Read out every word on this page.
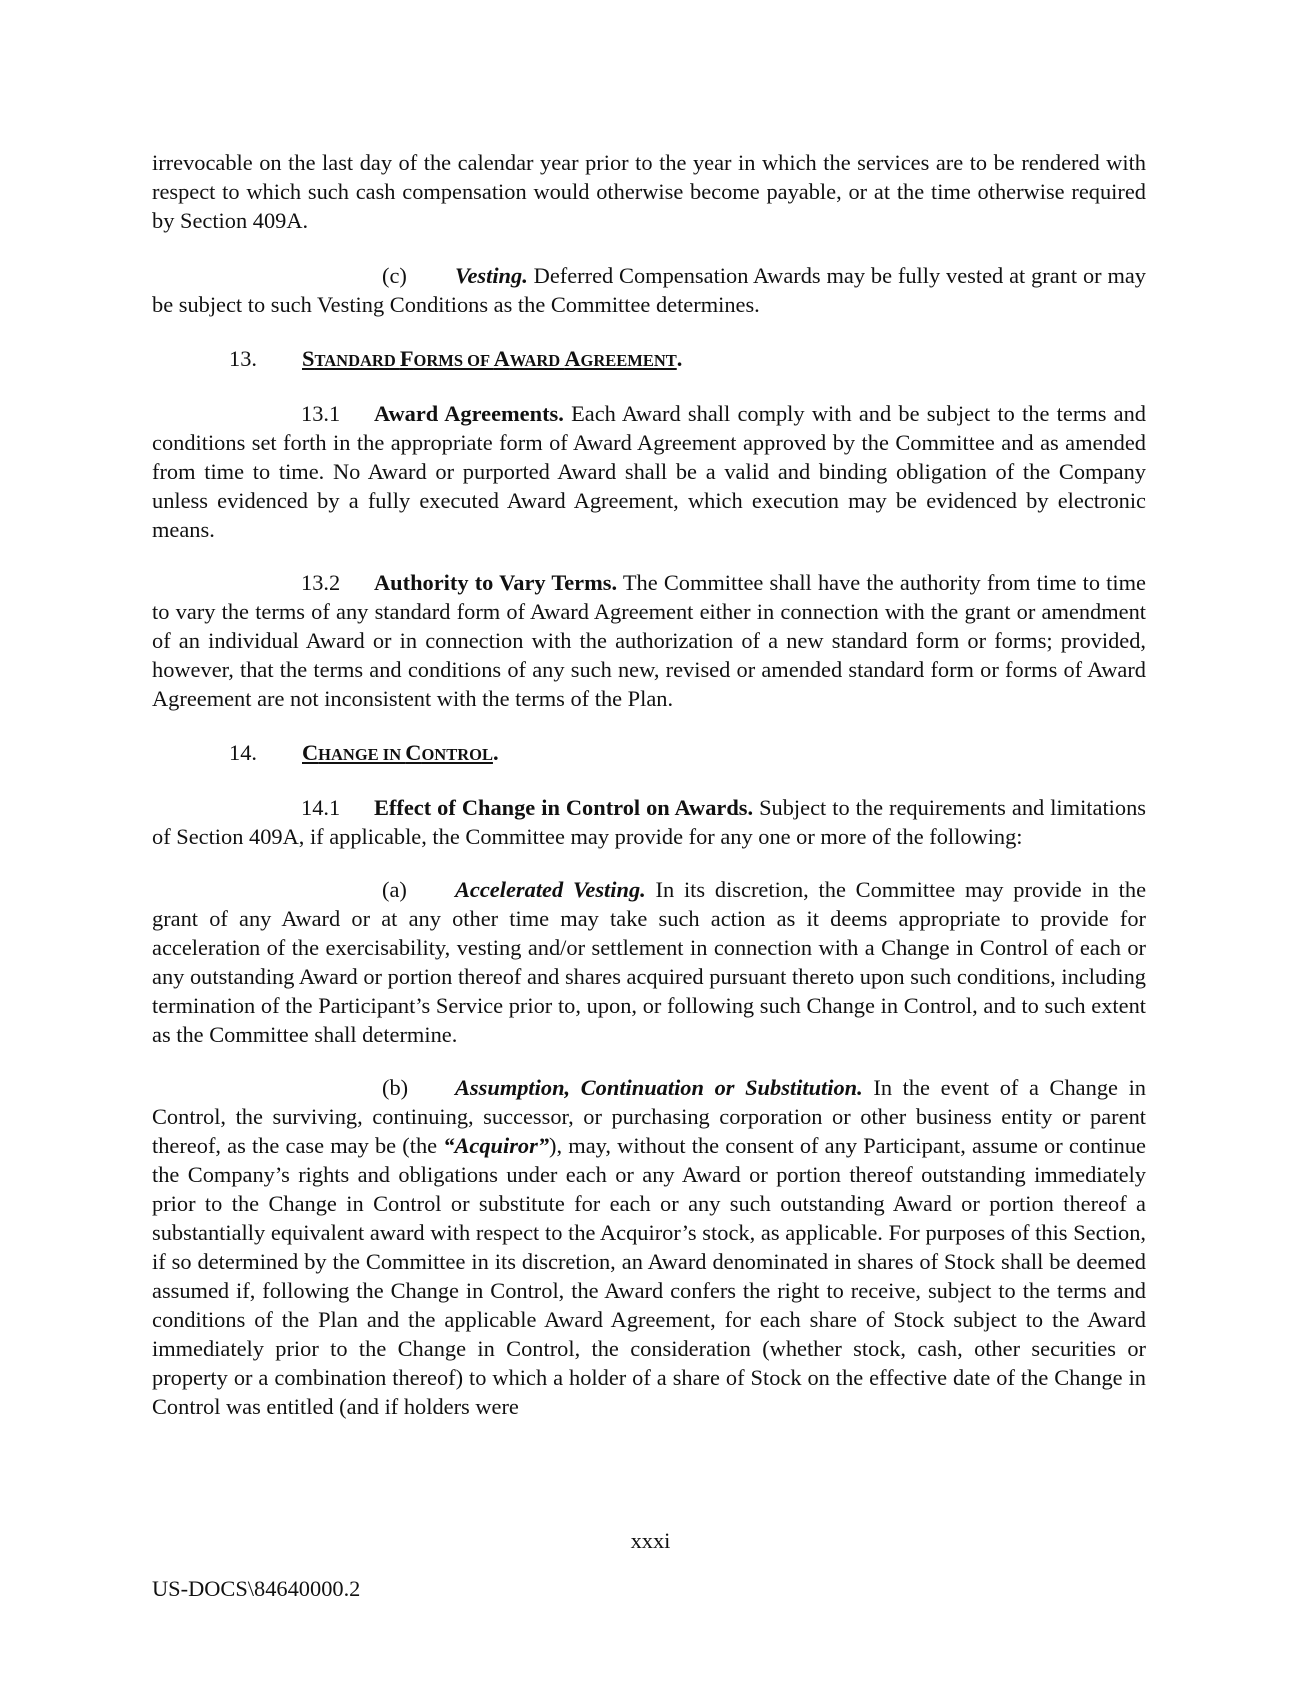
irrevocable on the last day of the calendar year prior to the year in which the services are to be rendered with respect to which such cash compensation would otherwise become payable, or at the time otherwise required by Section 409A.

(c) Vesting. Deferred Compensation Awards may be fully vested at grant or may be subject to such Vesting Conditions as the Committee determines.

13. STANDARD FORMS OF AWARD AGREEMENT.

13.1 Award Agreements. Each Award shall comply with and be subject to the terms and conditions set forth in the appropriate form of Award Agreement approved by the Committee and as amended from time to time. No Award or purported Award shall be a valid and binding obligation of the Company unless evidenced by a fully executed Award Agreement, which execution may be evidenced by electronic means.

13.2 Authority to Vary Terms. The Committee shall have the authority from time to time to vary the terms of any standard form of Award Agreement either in connection with the grant or amendment of an individual Award or in connection with the authorization of a new standard form or forms; provided, however, that the terms and conditions of any such new, revised or amended standard form or forms of Award Agreement are not inconsistent with the terms of the Plan.

14. CHANGE IN CONTROL.

14.1 Effect of Change in Control on Awards. Subject to the requirements and limitations of Section 409A, if applicable, the Committee may provide for any one or more of the following:

(a) Accelerated Vesting. In its discretion, the Committee may provide in the grant of any Award or at any other time may take such action as it deems appropriate to provide for acceleration of the exercisability, vesting and/or settlement in connection with a Change in Control of each or any outstanding Award or portion thereof and shares acquired pursuant thereto upon such conditions, including termination of the Participant’s Service prior to, upon, or following such Change in Control, and to such extent as the Committee shall determine.

(b) Assumption, Continuation or Substitution. In the event of a Change in Control, the surviving, continuing, successor, or purchasing corporation or other business entity or parent thereof, as the case may be (the “Acquiror”), may, without the consent of any Participant, assume or continue the Company’s rights and obligations under each or any Award or portion thereof outstanding immediately prior to the Change in Control or substitute for each or any such outstanding Award or portion thereof a substantially equivalent award with respect to the Acquiror’s stock, as applicable. For purposes of this Section, if so determined by the Committee in its discretion, an Award denominated in shares of Stock shall be deemed assumed if, following the Change in Control, the Award confers the right to receive, subject to the terms and conditions of the Plan and the applicable Award Agreement, for each share of Stock subject to the Award immediately prior to the Change in Control, the consideration (whether stock, cash, other securities or property or a combination thereof) to which a holder of a share of Stock on the effective date of the Change in Control was entitled (and if holders were

xxxi
US-DOCS\84640000.2
